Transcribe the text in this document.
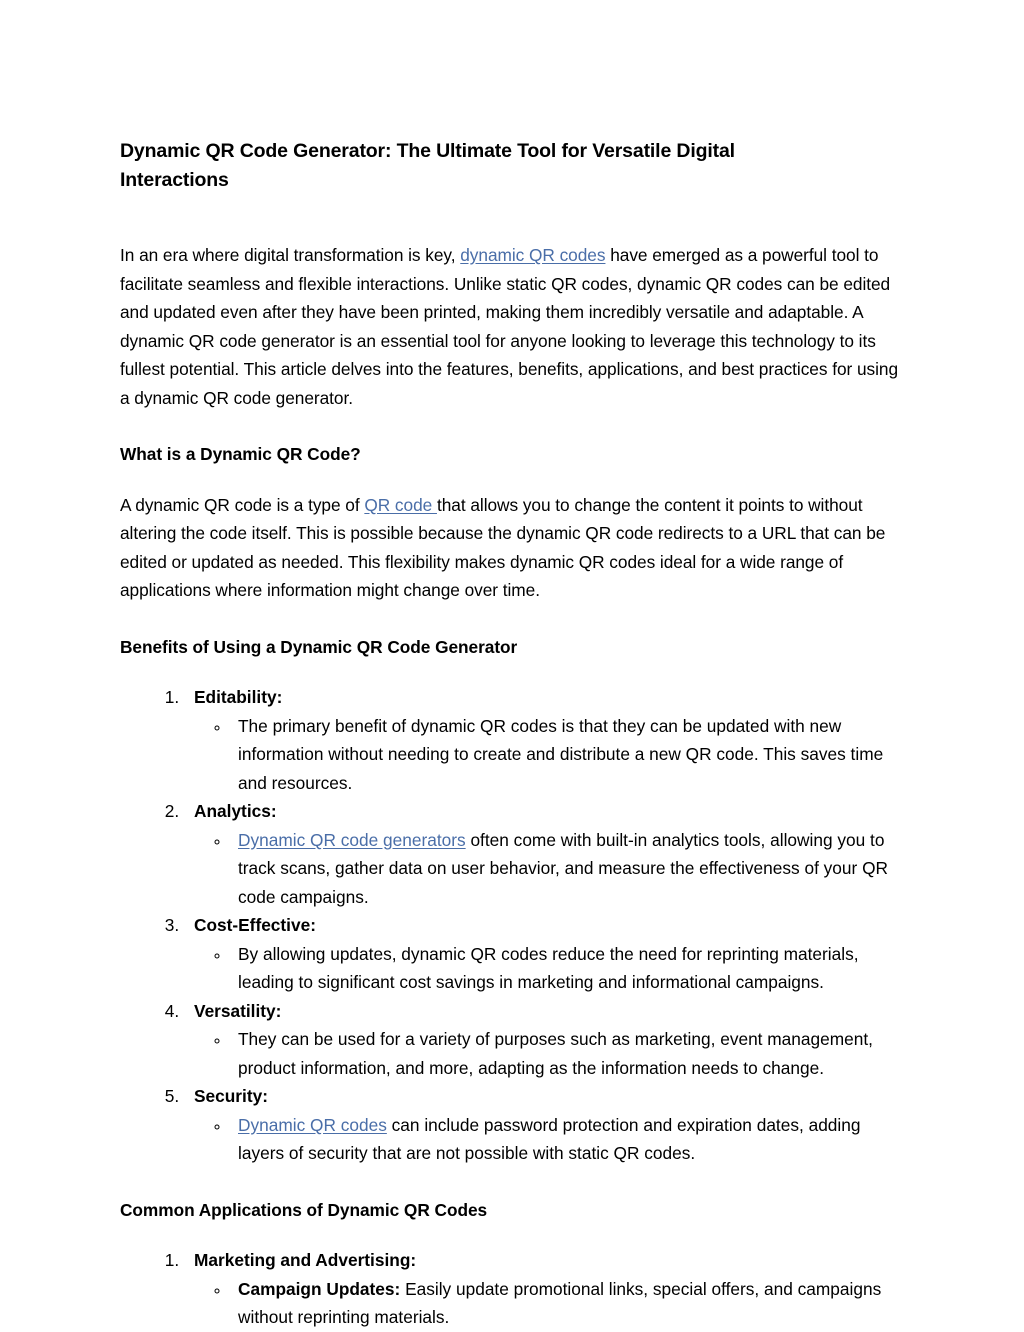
Dynamic QR Code Generator: The Ultimate Tool for Versatile Digital Interactions

In an era where digital transformation is key, dynamic QR codes have emerged as a powerful tool to facilitate seamless and flexible interactions. Unlike static QR codes, dynamic QR codes can be edited and updated even after they have been printed, making them incredibly versatile and adaptable. A dynamic QR code generator is an essential tool for anyone looking to leverage this technology to its fullest potential. This article delves into the features, benefits, applications, and best practices for using a dynamic QR code generator.

What is a Dynamic QR Code?

A dynamic QR code is a type of QR code that allows you to change the content it points to without altering the code itself. This is possible because the dynamic QR code redirects to a URL that can be edited or updated as needed. This flexibility makes dynamic QR codes ideal for a wide range of applications where information might change over time.

Benefits of Using a Dynamic QR Code Generator
1. Editability:
◦ The primary benefit of dynamic QR codes is that they can be updated with new information without needing to create and distribute a new QR code. This saves time and resources.
2. Analytics:
◦ Dynamic QR code generators often come with built-in analytics tools, allowing you to track scans, gather data on user behavior, and measure the effectiveness of your QR code campaigns.
3. Cost-Effective:
◦ By allowing updates, dynamic QR codes reduce the need for reprinting materials, leading to significant cost savings in marketing and informational campaigns.
4. Versatility:
◦ They can be used for a variety of purposes such as marketing, event management, product information, and more, adapting as the information needs to change.
5. Security:
◦ Dynamic QR codes can include password protection and expiration dates, adding layers of security that are not possible with static QR codes.
Common Applications of Dynamic QR Codes
1. Marketing and Advertising:
◦ Campaign Updates: Easily update promotional links, special offers, and campaigns without reprinting materials.
